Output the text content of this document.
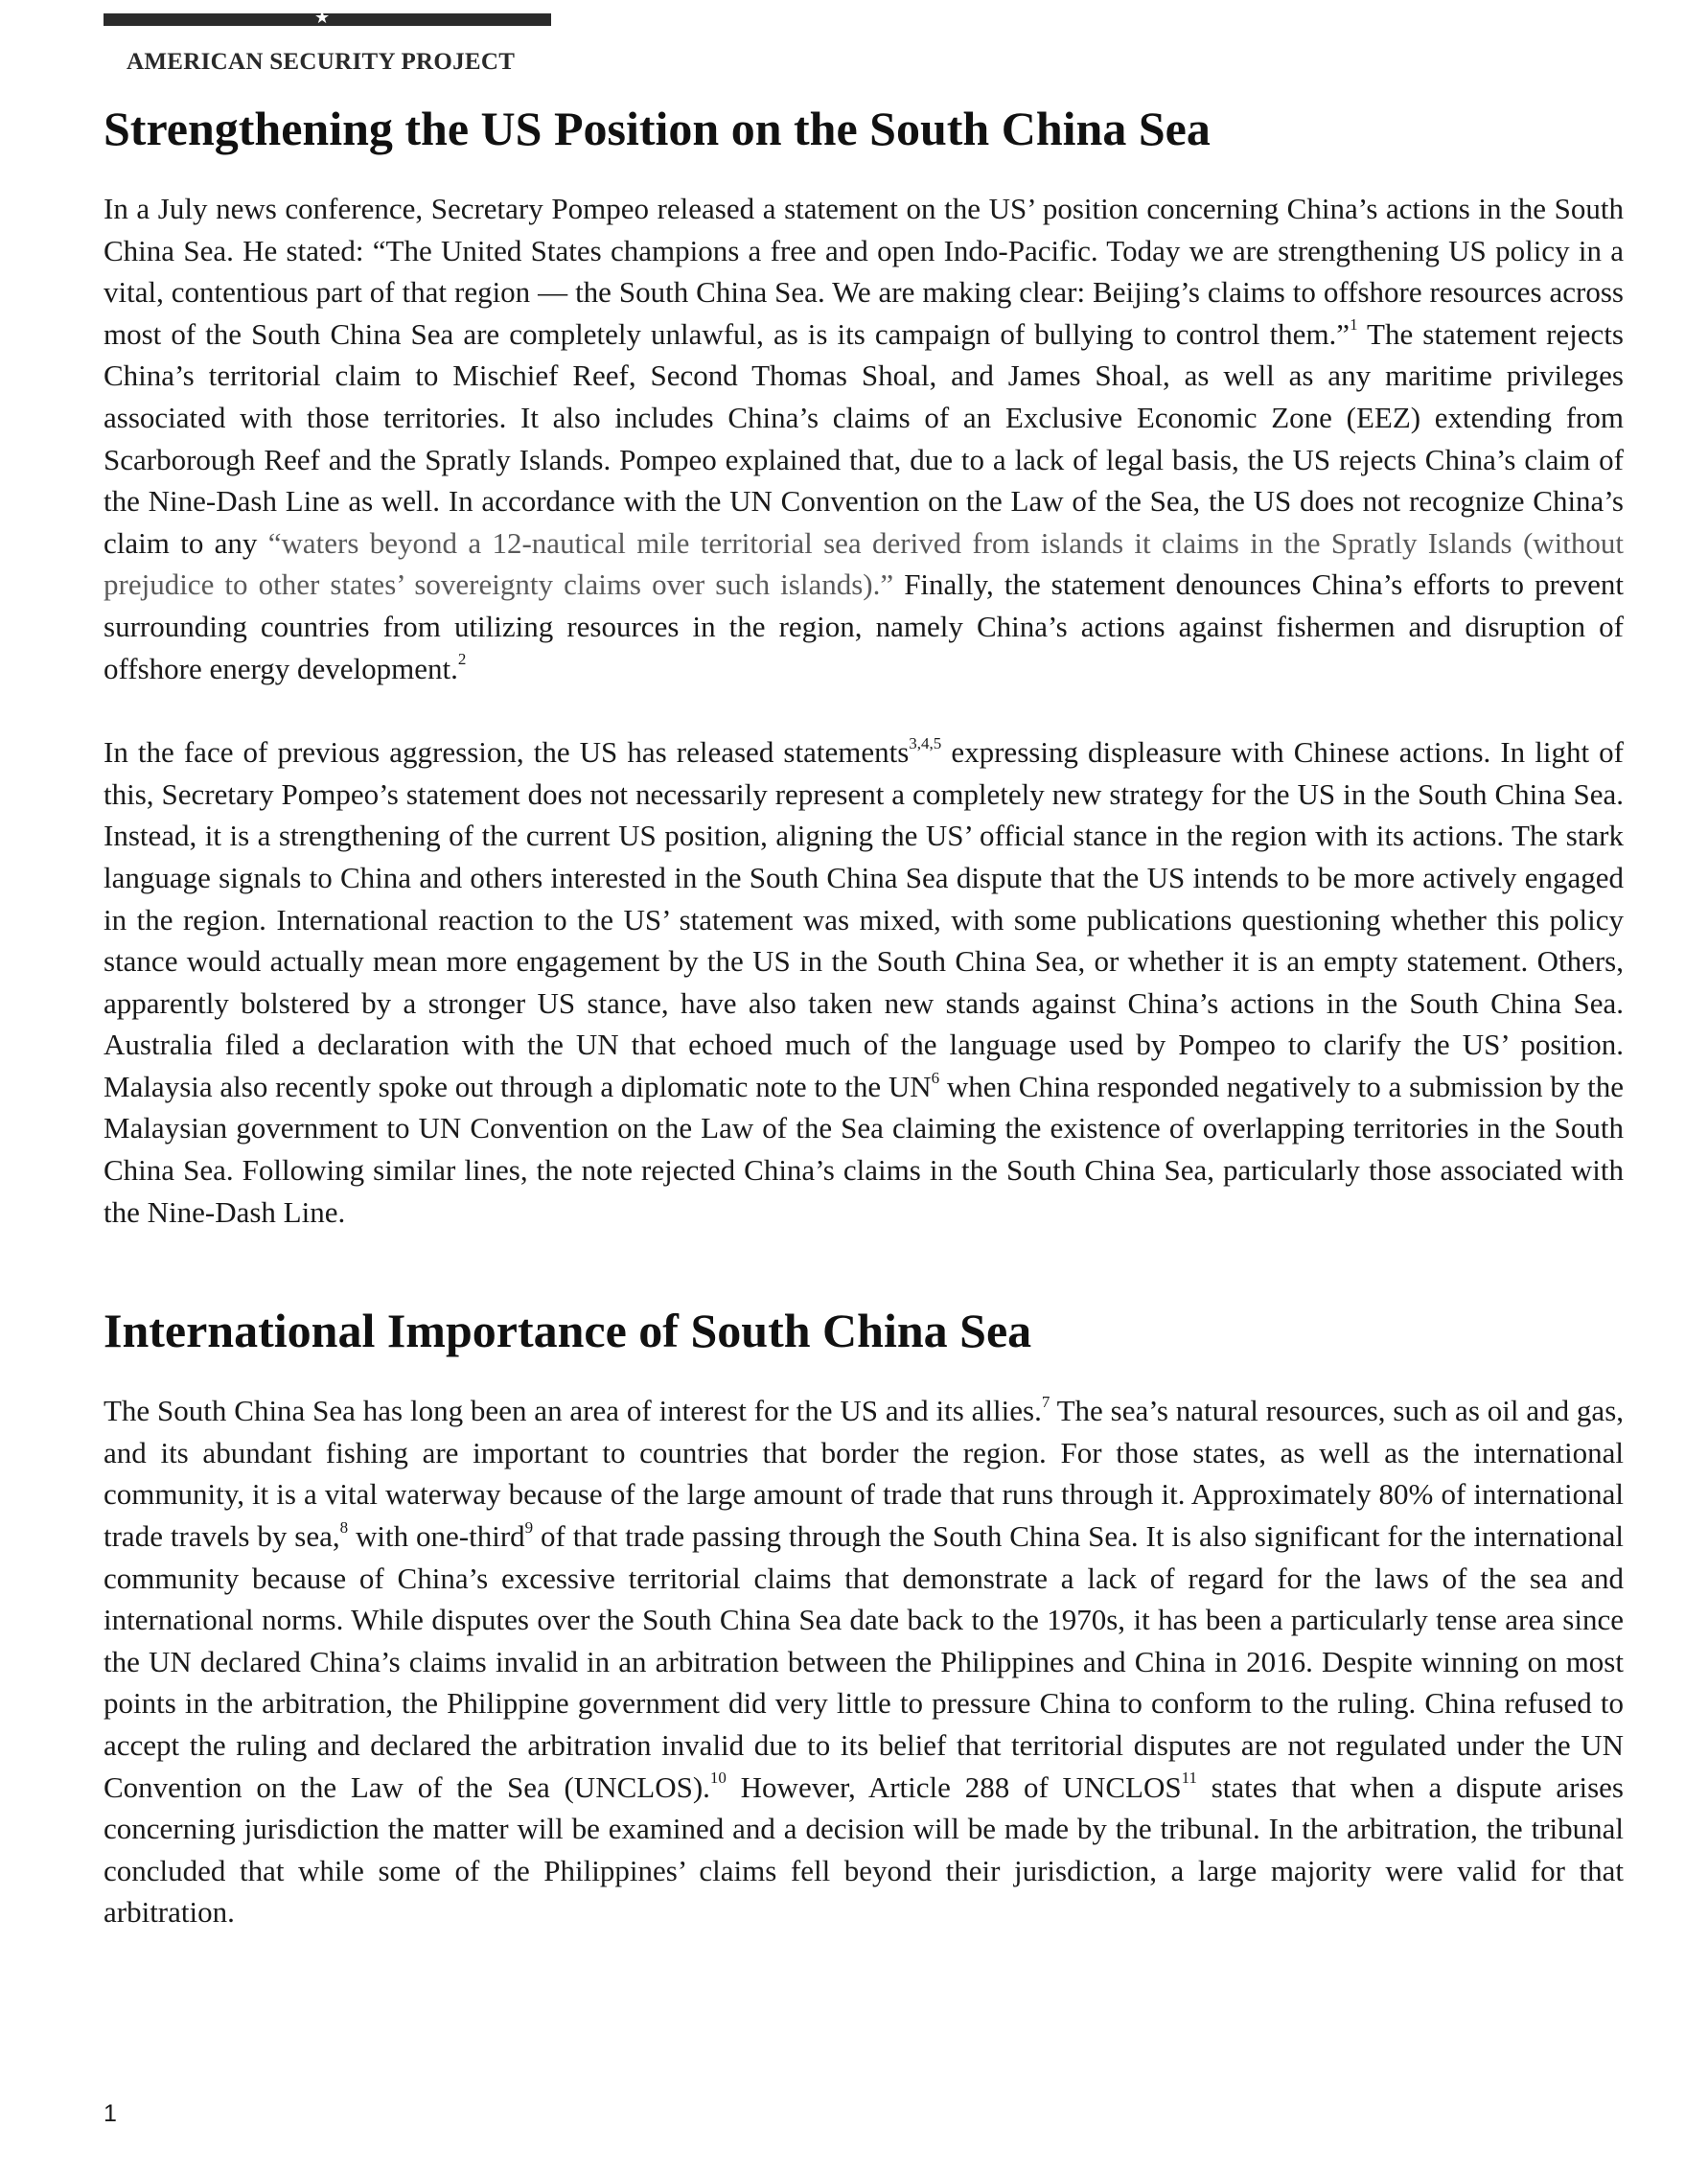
★
AMERICAN SECURITY PROJECT
Strengthening the US Position on the South China Sea

In a July news conference, Secretary Pompeo released a statement on the US’ position concerning China’s actions in the South China Sea. He stated: “The United States champions a free and open Indo-Pacific. Today we are strengthening US policy in a vital, contentious part of that region — the South China Sea. We are making clear: Beijing’s claims to offshore resources across most of the South China Sea are completely unlawful, as is its campaign of bullying to control them.”$^1$ The statement rejects China’s territorial claim to Mischief Reef, Second Thomas Shoal, and James Shoal, as well as any maritime privileges associated with those territories. It also includes China’s claims of an Exclusive Economic Zone (EEZ) extending from Scarborough Reef and the Spratly Islands. Pompeo explained that, due to a lack of legal basis, the US rejects China’s claim of the Nine-Dash Line as well. In accordance with the UN Convention on the Law of the Sea, the US does not recognize China’s claim to any “waters beyond a 12-nautical mile territorial sea derived from islands it claims in the Spratly Islands (without prejudice to other states’ sovereignty claims over such islands).” Finally, the statement denounces China’s efforts to prevent surrounding countries from utilizing resources in the region, namely China’s actions against fishermen and disruption of offshore energy development.$^2$

In the face of previous aggression, the US has released statements$^{3,4,5}$ expressing displeasure with Chinese actions. In light of this, Secretary Pompeo’s statement does not necessarily represent a completely new strategy for the US in the South China Sea. Instead, it is a strengthening of the current US position, aligning the US’ official stance in the region with its actions. The stark language signals to China and others interested in the South China Sea dispute that the US intends to be more actively engaged in the region. International reaction to the US’ statement was mixed, with some publications questioning whether this policy stance would actually mean more engagement by the US in the South China Sea, or whether it is an empty statement. Others, apparently bolstered by a stronger US stance, have also taken new stands against China’s actions in the South China Sea. Australia filed a declaration with the UN that echoed much of the language used by Pompeo to clarify the US’ position. Malaysia also recently spoke out through a diplomatic note to the $UN^6$ when China responded negatively to a submission by the Malaysian government to UN Convention on the Law of the Sea claiming the existence of overlapping territories in the South China Sea. Following similar lines, the note rejected China’s claims in the South China Sea, particularly those associated with the Nine-Dash Line.

International Importance of South China Sea

The South China Sea has long been an area of interest for the US and its allies.$^7$ The sea’s natural resources, such as oil and gas, and its abundant fishing are important to countries that border the region. For those states, as well as the international community, it is a vital waterway because of the large amount of trade that runs through it. Approximately 80% of international trade travels by sea,$^8$ with one-third$^9$ of that trade passing through the South China Sea. It is also significant for the international community because of China’s excessive territorial claims that demonstrate a lack of regard for the laws of the sea and international norms. While disputes over the South China Sea date back to the 1970s, it has been a particularly tense area since the UN declared China’s claims invalid in an arbitration between the Philippines and China in 2016. Despite winning on most points in the arbitration, the Philippine government did very little to pressure China to conform to the ruling. China refused to accept the ruling and declared the arbitration invalid due to its belief that territorial disputes are not regulated under the UN Convention on the Law of the Sea (UNCLOS).$^{10}$ However, Article 288 of UNCLOS$^{11}$ states that when a dispute arises concerning jurisdiction the matter will be examined and a decision will be made by the tribunal. In the arbitration, the tribunal concluded that while some of the Philippines’ claims fell beyond their jurisdiction, a large majority were valid for that arbitration.

1
